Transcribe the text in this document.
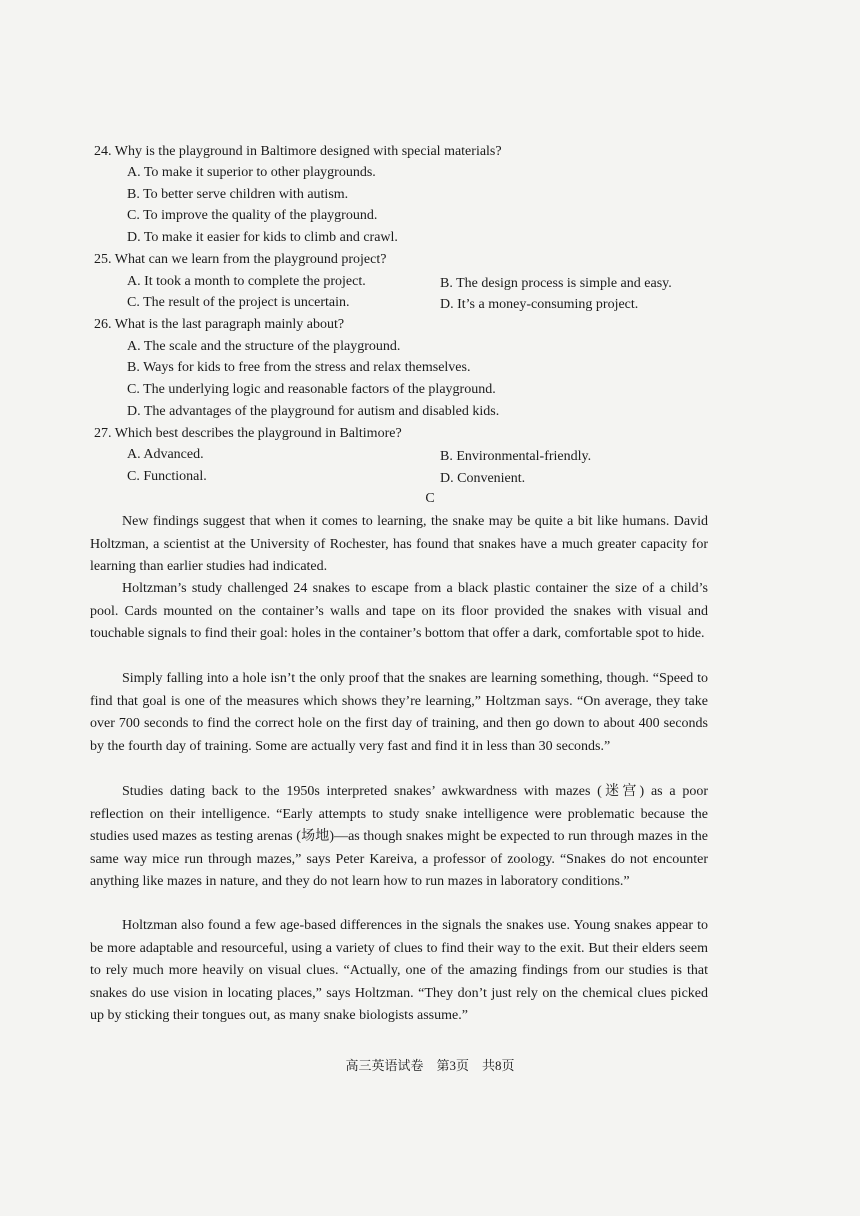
24. Why is the playground in Baltimore designed with special materials?
A. To make it superior to other playgrounds.
B. To better serve children with autism.
C. To improve the quality of the playground.
D. To make it easier for kids to climb and crawl.
25. What can we learn from the playground project?
A. It took a month to complete the project.	B. The design process is simple and easy.
C. The result of the project is uncertain.	D. It’s a money-consuming project.
26. What is the last paragraph mainly about?
A. The scale and the structure of the playground.
B. Ways for kids to free from the stress and relax themselves.
C. The underlying logic and reasonable factors of the playground.
D. The advantages of the playground for autism and disabled kids.
27. Which best describes the playground in Baltimore?
A. Advanced.	B. Environmental-friendly.
C. Functional.	D. Convenient.
C
New findings suggest that when it comes to learning, the snake may be quite a bit like humans. David Holtzman, a scientist at the University of Rochester, has found that snakes have a much greater capacity for learning than earlier studies had indicated.
Holtzman’s study challenged 24 snakes to escape from a black plastic container the size of a child’s pool. Cards mounted on the container’s walls and tape on its floor provided the snakes with visual and touchable signals to find their goal: holes in the container’s bottom that offer a dark, comfortable spot to hide.
Simply falling into a hole isn’t the only proof that the snakes are learning something, though. “Speed to find that goal is one of the measures which shows they’re learning,” Holtzman says. “On average, they take over 700 seconds to find the correct hole on the first day of training, and then go down to about 400 seconds by the fourth day of training. Some are actually very fast and find it in less than 30 seconds.”
Studies dating back to the 1950s interpreted snakes’ awkwardness with mazes (迷宫) as a poor reflection on their intelligence. “Early attempts to study snake intelligence were problematic because the studies used mazes as testing arenas (场地)—as though snakes might be expected to run through mazes in the same way mice run through mazes,” says Peter Kareiva, a professor of zoology. “Snakes do not encounter anything like mazes in nature, and they do not learn how to run mazes in laboratory conditions.”
Holtzman also found a few age-based differences in the signals the snakes use. Young snakes appear to be more adaptable and resourceful, using a variety of clues to find their way to the exit. But their elders seem to rely much more heavily on visual clues. “Actually, one of the amazing findings from our studies is that snakes do use vision in locating places,” says Holtzman. “They don’t just rely on the chemical clues picked up by sticking their tongues out, as many snake biologists assume.”
高三英语试卷　第3页　共8页
